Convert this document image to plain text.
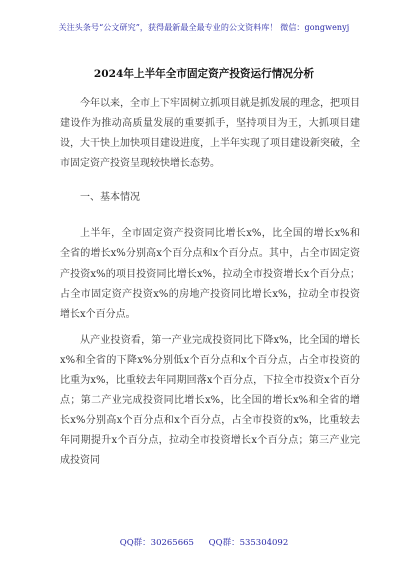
关注头条号“公文研究”，获得最新最全最专业的公文资料库！ 微信：gongwenyj
2024年上半年全市固定资产投资运行情况分析

今年以来，全市上下牢固树立抓项目就是抓发展的理念，把项目建设作为推动高质量发展的重要抓手，坚持项目为王，大抓项目建设，大干快上加快项目建设进度，上半年实现了项目建设新突破，全市固定资产投资呈现较快增长态势。

一、基本情况

上半年，全市固定资产投资同比增长x%，比全国的增长x%和全省的增长x%分别高x个百分点和x个百分点。其中，占全市固定资产投资x%的项目投资同比增长x%，拉动全市投资增长x个百分点；占全市固定资产投资x%的房地产投资同比增长x%，拉动全市投资增长x个百分点。

从产业投资看，第一产业完成投资同比下降x%，比全国的增长x%和全省的下降x%分别低x个百分点和x个百分点，占全市投资的比重为x%，比重较去年同期回落x个百分点，下拉全市投资x个百分点；第二产业完成投资同比增长x%，比全国的增长x%和全省的增长x%分别高x个百分点和x个百分点，占全市投资的x%，比重较去年同期提升x个百分点，拉动全市投资增长x个百分点；第三产业完成投资同

QQ群：30265665 QQ群：535304092
